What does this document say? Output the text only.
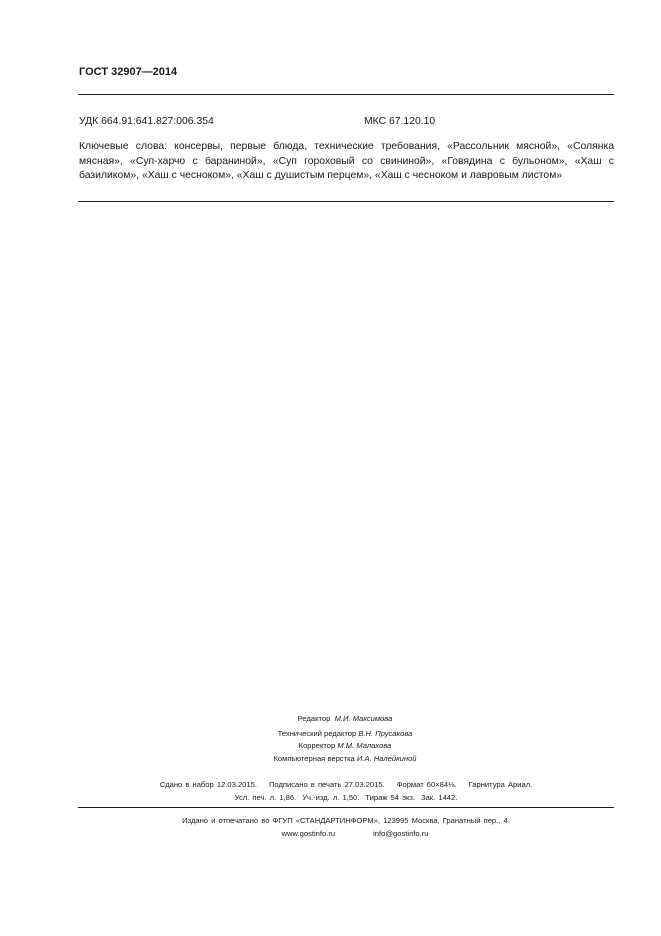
ГОСТ 32907—2014
УДК 664.91:641.827:006.354	МКС 67.120.10
Ключевые слова: консервы, первые блюда, технические требования, «Рассольник мясной», «Солянка мясная», «Суп-харчо с бараниной», «Суп гороховый со свининой», «Говядина с бульоном», «Хаш с базиликом», «Хаш с чесноком», «Хаш с душистым перцем», «Хаш с чесноком и лавровым листом»
Редактор М.И. Максимова
Технический редактор В.Н. Прусакова
Корректор М.М. Малахова
Компьютерная верстка И.А. Налейкиной
Сдано в набор 12.03.2015. Подписано в печать 27.03.2015. Формат 60×84⅛. Гарнитура Ариал.
Усл. печ. л. 1,86. Уч.-изд. л. 1,50. Тираж 54 экз. Зак. 1442.
Издано и отпечатано во ФГУП «СТАНДАРТИНФОРМ», 123995 Москва, Гранатный пер., 4.
www.gostinfo.ru	info@gostinfo.ru
